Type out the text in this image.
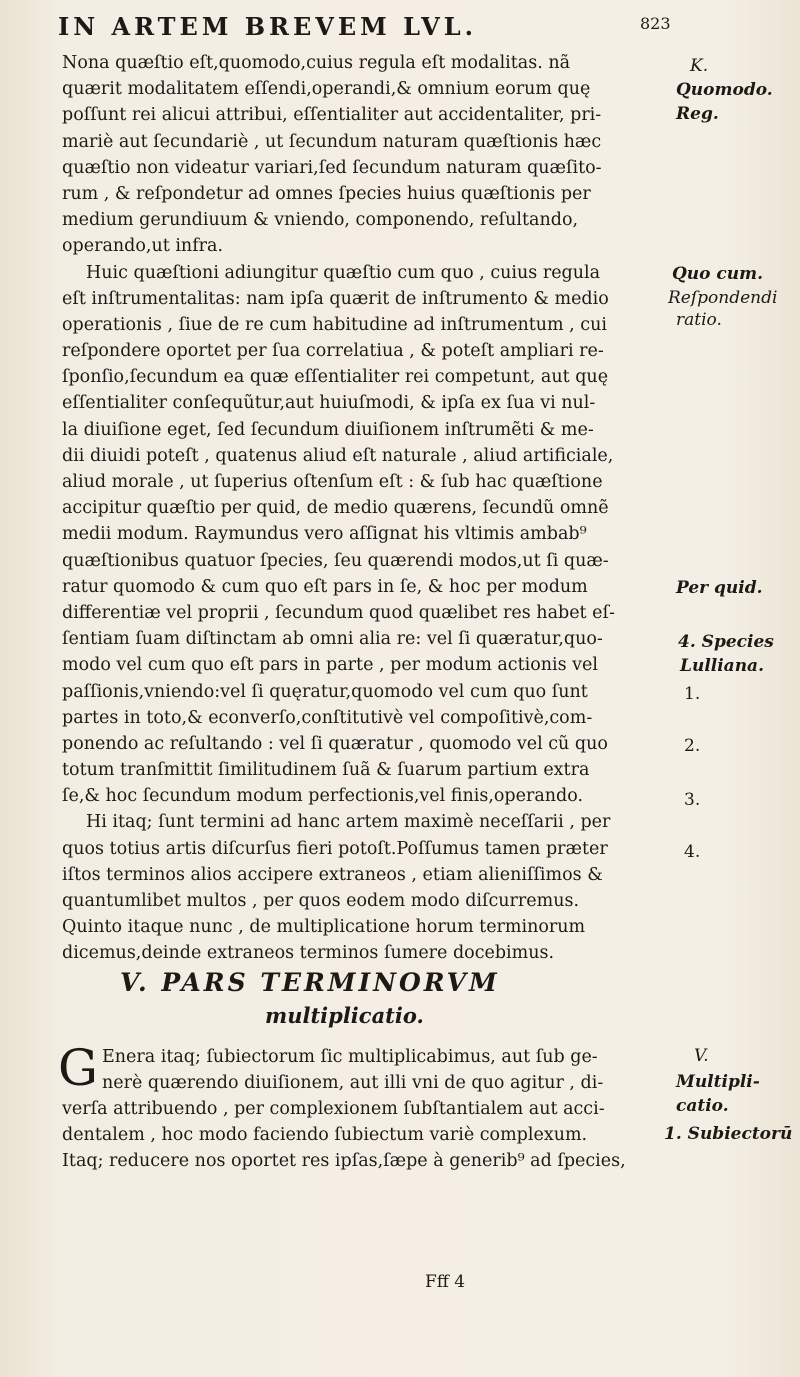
IN ARTEM BREVEM LVL.	823
Nona quæſtio eſt,quomodo,cuius regula eſt modalitas. nã
quærit modalitatem eſſendi,operandi,& omnium eorum quę
poſſunt rei alicui attribui, eſſentialiter aut accidentaliter, pri-
mariè aut ſecundariè , ut ſecundum naturam quæſtionis hæc
quæſtio non videatur variari,ſed ſecundum naturam quæſito-
rum , & reſpondetur ad omnes ſpecies huius quæſtionis per
medium gerundiuum & vniendo, componendo, reſultando,
operando,ut infra.
Huic quæſtioni adiungitur quæſtio cum quo , cuius regula
eſt inſtrumentalitas: nam ipſa quærit de inſtrumento & medio
operationis , ſiue de re cum habitudine ad inſtrumentum , cui
reſpondere oportet per ſua correlatiua , & poteſt ampliari re-
ſponſio,ſecundum ea quæ eſſentialiter rei competunt, aut quę
eſſentialiter conſequũtur,aut huiuſmodi, & ipſa ex ſua vi nul-
la diuiſione eget, ſed ſecundum diuiſionem inſtrumẽti & me-
dii diuidi poteſt , quatenus aliud eſt naturale , aliud artificiale,
aliud morale , ut ſuperius oſtenſum eſt : & ſub hac quæſtione
accipitur quæſtio per quid, de medio quærens, ſecundũ omnẽ
medii modum. Raymundus vero aſſignat his vltimis ambab⁹
quæſtionibus quatuor ſpecies, ſeu quærendi modos,ut ſi quæ-
ratur quomodo & cum quo eſt pars in ſe, & hoc per modum
differentiæ vel proprii , ſecundum quod quælibet res habet eſ-
ſentiam ſuam diſtinctam ab omni alia re: vel ſi quæratur,quo-
modo vel cum quo eſt pars in parte , per modum actionis vel
paſſionis,vniendo:vel ſi quęratur,quomodo vel cum quo ſunt
partes in toto,& econverſo,conſtitutivè vel compoſitivè,com-
ponendo ac reſultando : vel ſi quæratur , quomodo vel cũ quo
totum tranſmittit ſimilitudinem ſuã & ſuarum partium extra
ſe,& hoc ſecundum modum perfectionis,vel finis,operando.
Hi itaq; ſunt termini ad hanc artem maximè neceſſarii , per
quos totius artis diſcurſus fieri potoſt.Poſſumus tamen præter
iſtos terminos alios accipere extraneos , etiam alieniſſimos &
quantumlibet multos , per quos eodem modo diſcurremus.
Quinto itaque nunc , de multiplicatione horum terminorum
dicemus,deinde extraneos terminos ſumere docebimus.
K.
Quomodo.
Reg.
Quo cum.
Reſpondendi
ratio.
Per quid.
4. Species
Lulliana.
1.
2.
3.
4.
V.
Multipli-
catio.
1. Subiectorū
V. PARS TERMINORVM
multiplicatio.
G Enera itaq; ſubiectorum ſic multiplicabimus, aut ſub ge-
nerè quærendo diuiſionem, aut illi vni de quo agitur , di-
verſa attribuendo , per complexionem ſubſtantialem aut acci-
dentalem , hoc modo faciendo ſubiectum variè complexum.
Itaq; reducere nos oportet res ipſas,ſæpe à generib⁹ ad ſpecies,
Fff 4
